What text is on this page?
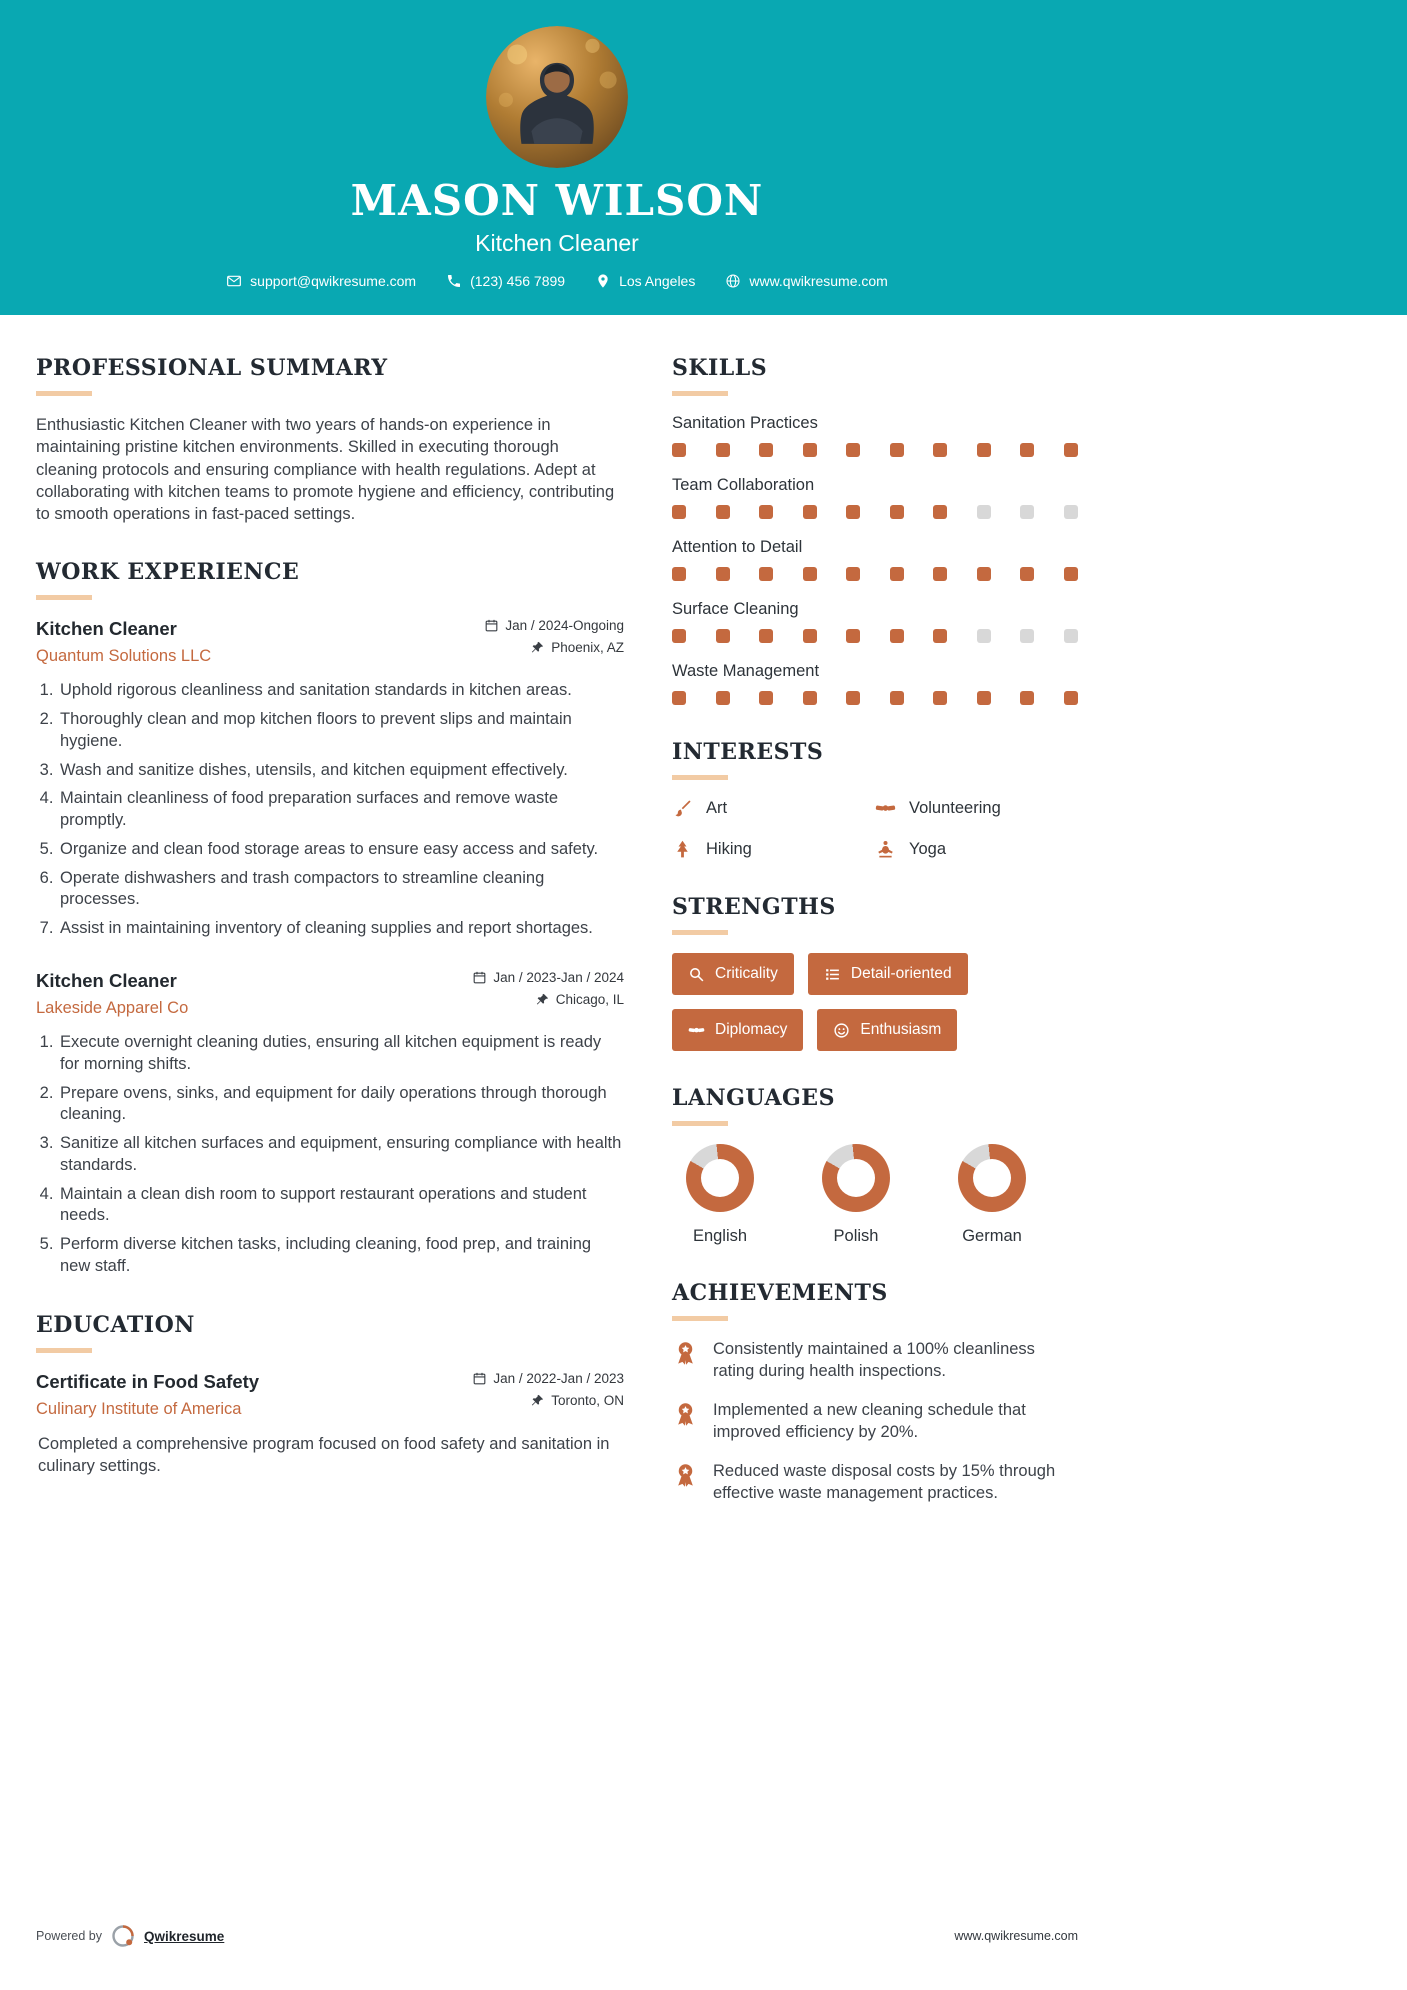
MASON WILSON
Kitchen Cleaner
support@qwikresume.com	(123) 456 7899	Los Angeles	www.qwikresume.com
PROFESSIONAL SUMMARY

Enthusiastic Kitchen Cleaner with two years of hands-on experience in maintaining pristine kitchen environments. Skilled in executing thorough cleaning protocols and ensuring compliance with health regulations. Adept at collaborating with kitchen teams to promote hygiene and efficiency, contributing to smooth operations in fast-paced settings.

WORK EXPERIENCE
Kitchen Cleaner
Quantum Solutions LLC
Jan / 2024-Ongoing
Phoenix, AZ
1. Uphold rigorous cleanliness and sanitation standards in kitchen areas.
2. Thoroughly clean and mop kitchen floors to prevent slips and maintain hygiene.
3. Wash and sanitize dishes, utensils, and kitchen equipment effectively.
4. Maintain cleanliness of food preparation surfaces and remove waste promptly.
5. Organize and clean food storage areas to ensure easy access and safety.
6. Operate dishwashers and trash compactors to streamline cleaning processes.
7. Assist in maintaining inventory of cleaning supplies and report shortages.
Kitchen Cleaner
Lakeside Apparel Co
Jan / 2023-Jan / 2024
Chicago, IL
1. Execute overnight cleaning duties, ensuring all kitchen equipment is ready for morning shifts.
2. Prepare ovens, sinks, and equipment for daily operations through thorough cleaning.
3. Sanitize all kitchen surfaces and equipment, ensuring compliance with health standards.
4. Maintain a clean dish room to support restaurant operations and student needs.
5. Perform diverse kitchen tasks, including cleaning, food prep, and training new staff.
EDUCATION
Certificate in Food Safety
Culinary Institute of America
Jan / 2022-Jan / 2023
Toronto, ON

Completed a comprehensive program focused on food safety and sanitation in culinary settings.

SKILLS
Sanitation Practices
Team Collaboration
Attention to Detail
Surface Cleaning
Waste Management
INTERESTS
Art	Volunteering
Hiking	Yoga
STRENGTHS
Criticality	Detail-oriented
Diplomacy	Enthusiasm
LANGUAGES
English	Polish	German
ACHIEVEMENTS
Consistently maintained a 100% cleanliness rating during health inspections.
Implemented a new cleaning schedule that improved efficiency by 20%.
Reduced waste disposal costs by 15% through effective waste management practices.
Powered by	Qwikresume	www.qwikresume.com
